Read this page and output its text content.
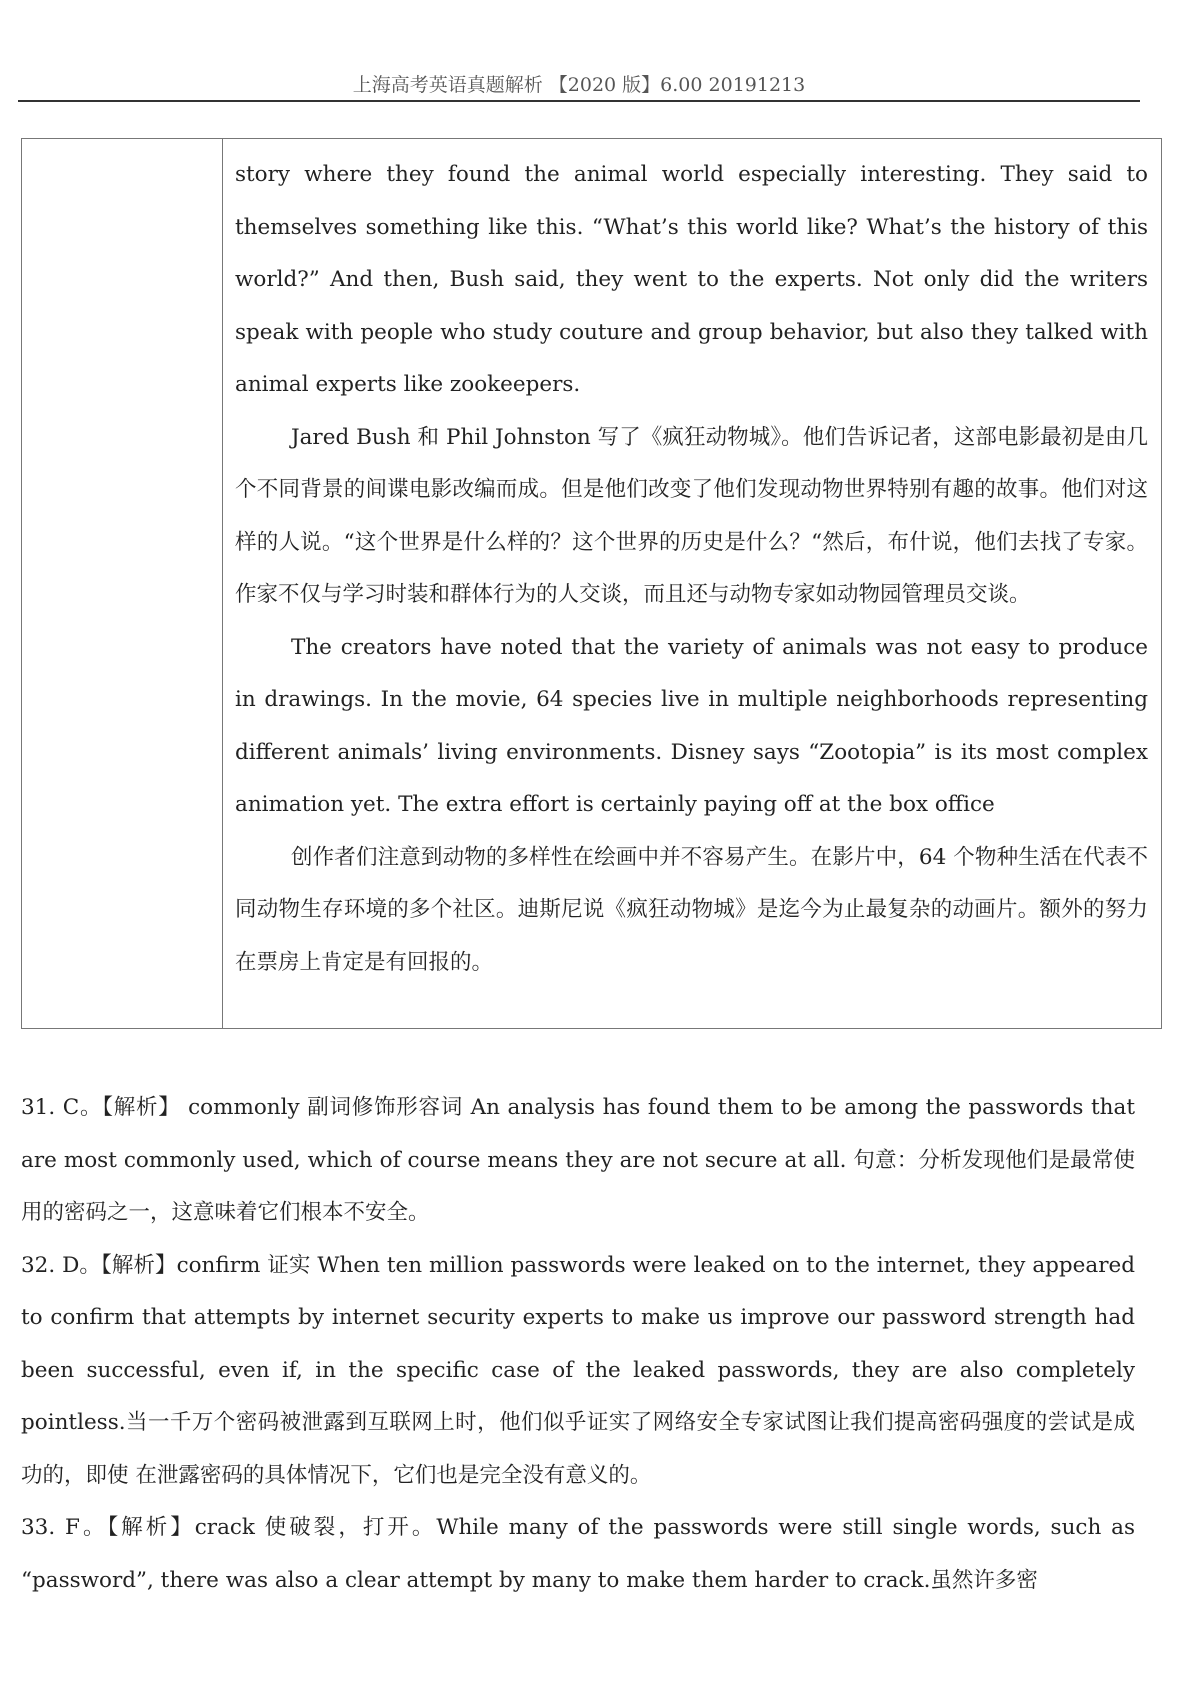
上海高考英语真题解析 【2020 版】6.00 20191213

story where they found the animal world especially interesting. They said to themselves something like this. “What’s this world like? What’s the history of this world?” And then, Bush said, they went to the experts. Not only did the writers speak with people who study couture and group behavior, but also they talked with animal experts like zookeepers.

Jared Bush 和 Phil Johnston 写了《疯狂动物城》。他们告诉记者，这部电影最初是由几个不同背景的间谍电影改编而成。但是他们改变了他们发现动物世界特别有趣的故事。他们对这样的人说。“这个世界是什么样的？这个世界的历史是什么？“然后，布什说，他们去找了专家。作家不仅与学习时装和群体行为的人交谈，而且还与动物专家如动物园管理员交谈。

The creators have noted that the variety of animals was not easy to produce in drawings. In the movie, 64 species live in multiple neighborhoods representing different animals’ living environments. Disney says “Zootopia” is its most complex animation yet. The extra effort is certainly paying off at the box office

创作者们注意到动物的多样性在绘画中并不容易产生。在影片中，64 个物种生活在代表不同动物生存环境的多个社区。迪斯尼说《疯狂动物城》是迄今为止最复杂的动画片。额外的努力在票房上肯定是有回报的。

31. C。【解析】 commonly 副词修饰形容词 An analysis has found them to be among the passwords that are most commonly used, which of course means they are not secure at all. 句意：分析发现他们是最常使用的密码之一，这意味着它们根本不安全。

32. D。【解析】confirm 证实 When ten million passwords were leaked on to the internet, they appeared to confirm that attempts by internet security experts to make us improve our password strength had been successful, even if, in the specific case of the leaked passwords, they are also completely pointless.当一千万个密码被泄露到互联网上时，他们似乎证实了网络安全专家试图让我们提高密码强度的尝试是成功的，即使 在泄露密码的具体情况下，它们也是完全没有意义的。

33. F。【解析】crack 使破裂，打开。While many of the passwords were still single words, such as “password”, there was also a clear attempt by many to make them harder to crack.虽然许多密
